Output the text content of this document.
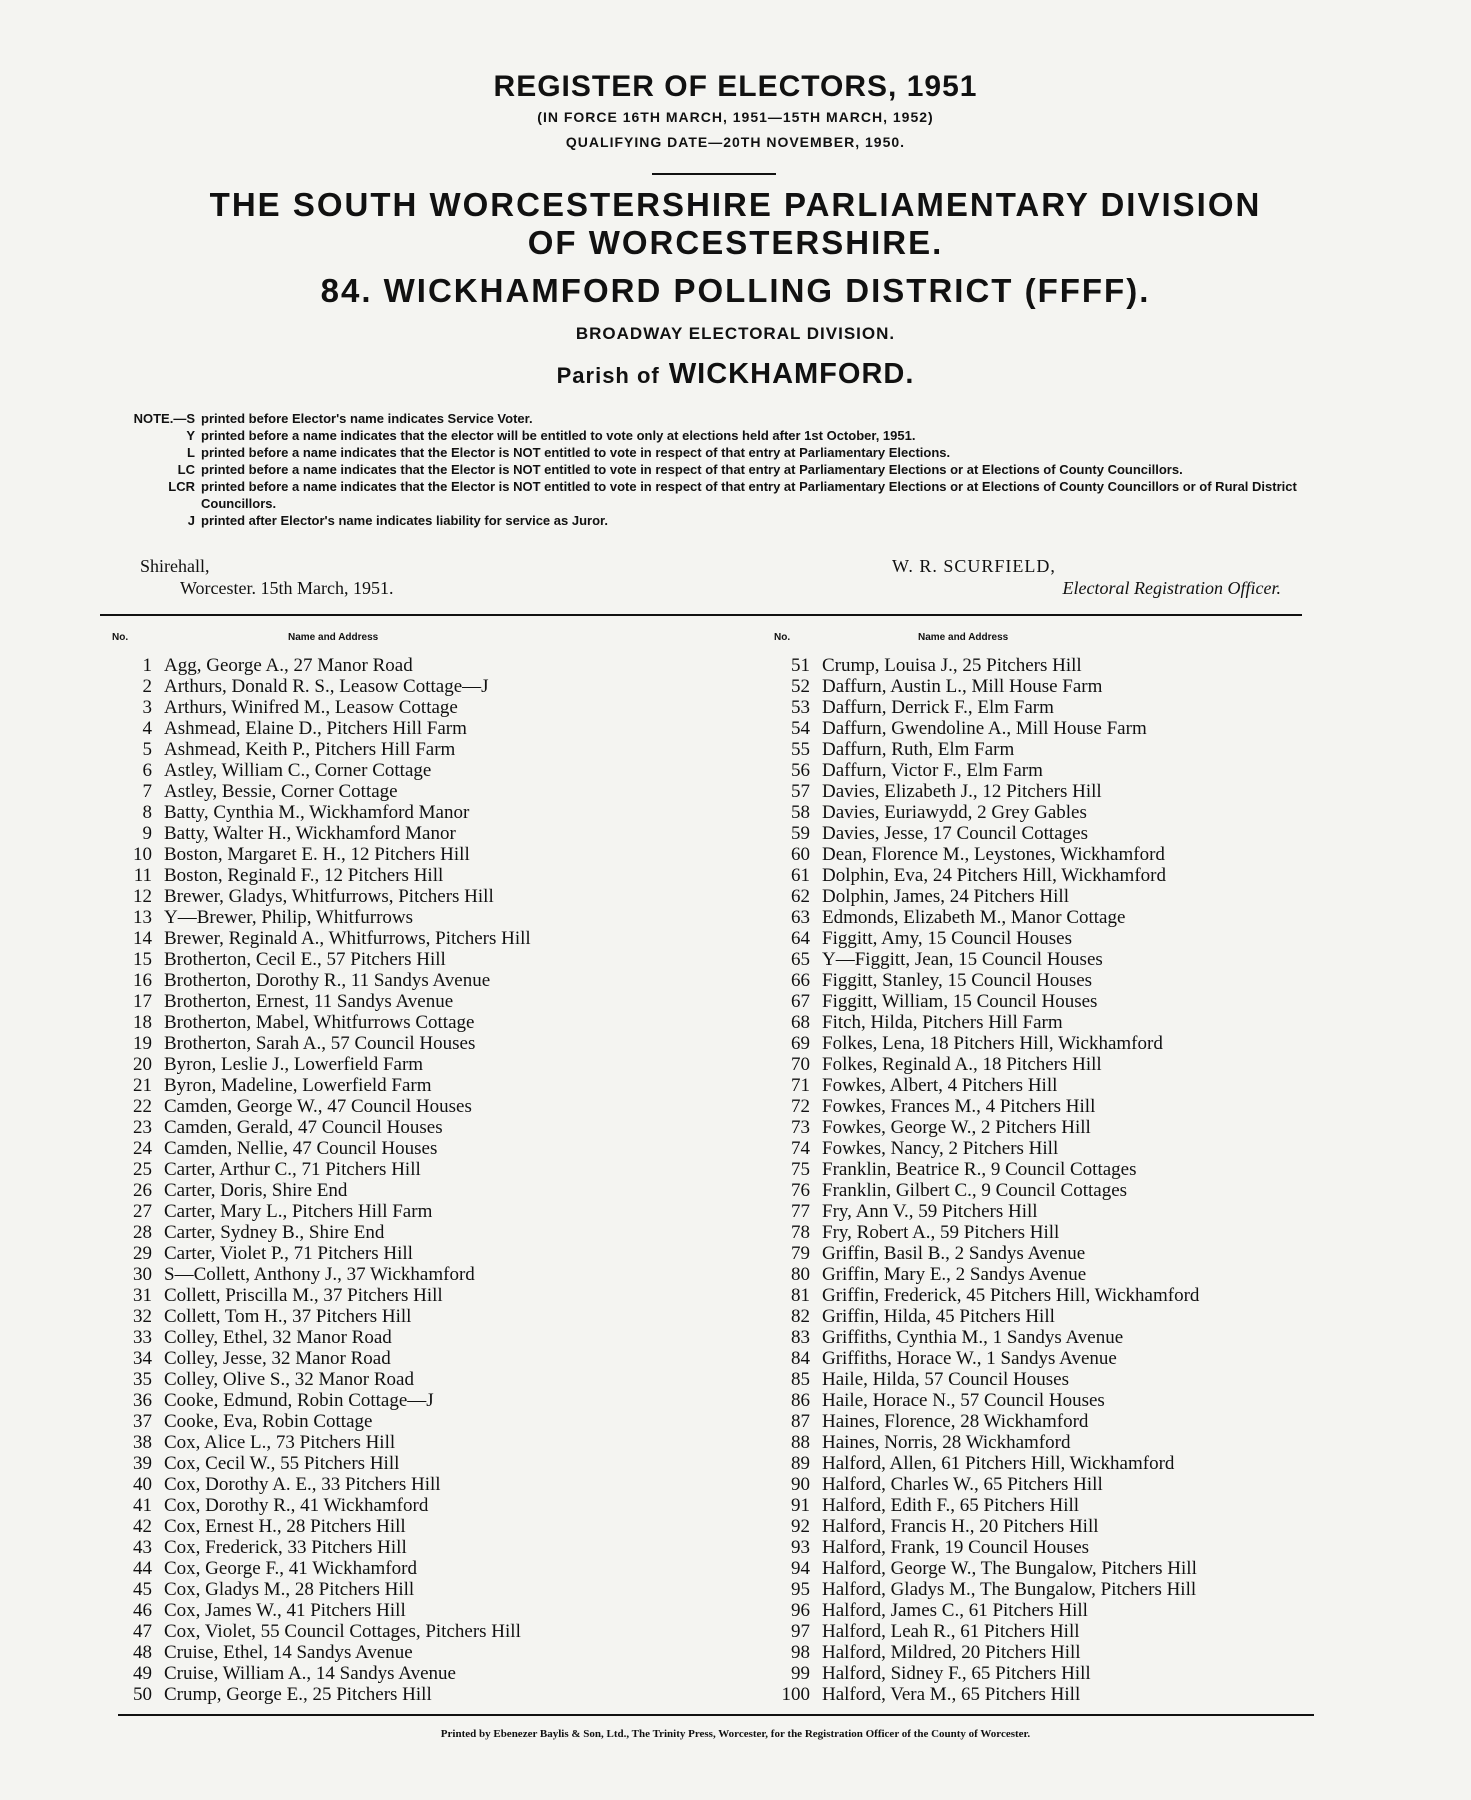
REGISTER OF ELECTORS, 1951
(IN FORCE 16TH MARCH, 1951—15TH MARCH, 1952)
QUALIFYING DATE—20TH NOVEMBER, 1950.
THE SOUTH WORCESTERSHIRE PARLIAMENTARY DIVISION
OF WORCESTERSHIRE.
84. WICKHAMFORD POLLING DISTRICT (FFFF).
BROADWAY ELECTORAL DIVISION.
Parish of WICKHAMFORD.
NOTE.—S printed before Elector's name indicates Service Voter.
Y printed before a name indicates that the elector will be entitled to vote only at elections held after 1st October, 1951.
L printed before a name indicates that the Elector is NOT entitled to vote in respect of that entry at Parliamentary Elections.
LC printed before a name indicates that the Elector is NOT entitled to vote in respect of that entry at Parliamentary Elections or at Elections of County Councillors.
LCR printed before a name indicates that the Elector is NOT entitled to vote in respect of that entry at Parliamentary Elections or at Elections of County Councillors or of Rural District Councillors.
J printed after Elector's name indicates liability for service as Juror.
Shirehall,
Worcester. 15th March, 1951.
W. R. SCURFIELD,
Electoral Registration Officer.
No.	Name and Address	No.	Name and Address
1 Agg, George A., 27 Manor Road
2 Arthurs, Donald R. S., Leasow Cottage—J
3 Arthurs, Winifred M., Leasow Cottage
4 Ashmead, Elaine D., Pitchers Hill Farm
5 Ashmead, Keith P., Pitchers Hill Farm
6 Astley, William C., Corner Cottage
7 Astley, Bessie, Corner Cottage
8 Batty, Cynthia M., Wickhamford Manor
9 Batty, Walter H., Wickhamford Manor
10 Boston, Margaret E. H., 12 Pitchers Hill
11 Boston, Reginald F., 12 Pitchers Hill
12 Brewer, Gladys, Whitfurrows, Pitchers Hill
13 Y—Brewer, Philip, Whitfurrows
14 Brewer, Reginald A., Whitfurrows, Pitchers Hill
15 Brotherton, Cecil E., 57 Pitchers Hill
16 Brotherton, Dorothy R., 11 Sandys Avenue
17 Brotherton, Ernest, 11 Sandys Avenue
18 Brotherton, Mabel, Whitfurrows Cottage
19 Brotherton, Sarah A., 57 Council Houses
20 Byron, Leslie J., Lowerfield Farm
21 Byron, Madeline, Lowerfield Farm
22 Camden, George W., 47 Council Houses
23 Camden, Gerald, 47 Council Houses
24 Camden, Nellie, 47 Council Houses
25 Carter, Arthur C., 71 Pitchers Hill
26 Carter, Doris, Shire End
27 Carter, Mary L., Pitchers Hill Farm
28 Carter, Sydney B., Shire End
29 Carter, Violet P., 71 Pitchers Hill
30 S—Collett, Anthony J., 37 Wickhamford
31 Collett, Priscilla M., 37 Pitchers Hill
32 Collett, Tom H., 37 Pitchers Hill
33 Colley, Ethel, 32 Manor Road
34 Colley, Jesse, 32 Manor Road
35 Colley, Olive S., 32 Manor Road
36 Cooke, Edmund, Robin Cottage—J
37 Cooke, Eva, Robin Cottage
38 Cox, Alice L., 73 Pitchers Hill
39 Cox, Cecil W., 55 Pitchers Hill
40 Cox, Dorothy A. E., 33 Pitchers Hill
41 Cox, Dorothy R., 41 Wickhamford
42 Cox, Ernest H., 28 Pitchers Hill
43 Cox, Frederick, 33 Pitchers Hill
44 Cox, George F., 41 Wickhamford
45 Cox, Gladys M., 28 Pitchers Hill
46 Cox, James W., 41 Pitchers Hill
47 Cox, Violet, 55 Council Cottages, Pitchers Hill
48 Cruise, Ethel, 14 Sandys Avenue
49 Cruise, William A., 14 Sandys Avenue
50 Crump, George E., 25 Pitchers Hill
51 Crump, Louisa J., 25 Pitchers Hill
52 Daffurn, Austin L., Mill House Farm
53 Daffurn, Derrick F., Elm Farm
54 Daffurn, Gwendoline A., Mill House Farm
55 Daffurn, Ruth, Elm Farm
56 Daffurn, Victor F., Elm Farm
57 Davies, Elizabeth J., 12 Pitchers Hill
58 Davies, Euriawydd, 2 Grey Gables
59 Davies, Jesse, 17 Council Cottages
60 Dean, Florence M., Leystones, Wickhamford
61 Dolphin, Eva, 24 Pitchers Hill, Wickhamford
62 Dolphin, James, 24 Pitchers Hill
63 Edmonds, Elizabeth M., Manor Cottage
64 Figgitt, Amy, 15 Council Houses
65 Y—Figgitt, Jean, 15 Council Houses
66 Figgitt, Stanley, 15 Council Houses
67 Figgitt, William, 15 Council Houses
68 Fitch, Hilda, Pitchers Hill Farm
69 Folkes, Lena, 18 Pitchers Hill, Wickhamford
70 Folkes, Reginald A., 18 Pitchers Hill
71 Fowkes, Albert, 4 Pitchers Hill
72 Fowkes, Frances M., 4 Pitchers Hill
73 Fowkes, George W., 2 Pitchers Hill
74 Fowkes, Nancy, 2 Pitchers Hill
75 Franklin, Beatrice R., 9 Council Cottages
76 Franklin, Gilbert C., 9 Council Cottages
77 Fry, Ann V., 59 Pitchers Hill
78 Fry, Robert A., 59 Pitchers Hill
79 Griffin, Basil B., 2 Sandys Avenue
80 Griffin, Mary E., 2 Sandys Avenue
81 Griffin, Frederick, 45 Pitchers Hill, Wickhamford
82 Griffin, Hilda, 45 Pitchers Hill
83 Griffiths, Cynthia M., 1 Sandys Avenue
84 Griffiths, Horace W., 1 Sandys Avenue
85 Haile, Hilda, 57 Council Houses
86 Haile, Horace N., 57 Council Houses
87 Haines, Florence, 28 Wickhamford
88 Haines, Norris, 28 Wickhamford
89 Halford, Allen, 61 Pitchers Hill, Wickhamford
90 Halford, Charles W., 65 Pitchers Hill
91 Halford, Edith F., 65 Pitchers Hill
92 Halford, Francis H., 20 Pitchers Hill
93 Halford, Frank, 19 Council Houses
94 Halford, George W., The Bungalow, Pitchers Hill
95 Halford, Gladys M., The Bungalow, Pitchers Hill
96 Halford, James C., 61 Pitchers Hill
97 Halford, Leah R., 61 Pitchers Hill
98 Halford, Mildred, 20 Pitchers Hill
99 Halford, Sidney F., 65 Pitchers Hill
100 Halford, Vera M., 65 Pitchers Hill
Printed by Ebenezer Baylis & Son, Ltd., The Trinity Press, Worcester, for the Registration Officer of the County of Worcester.
